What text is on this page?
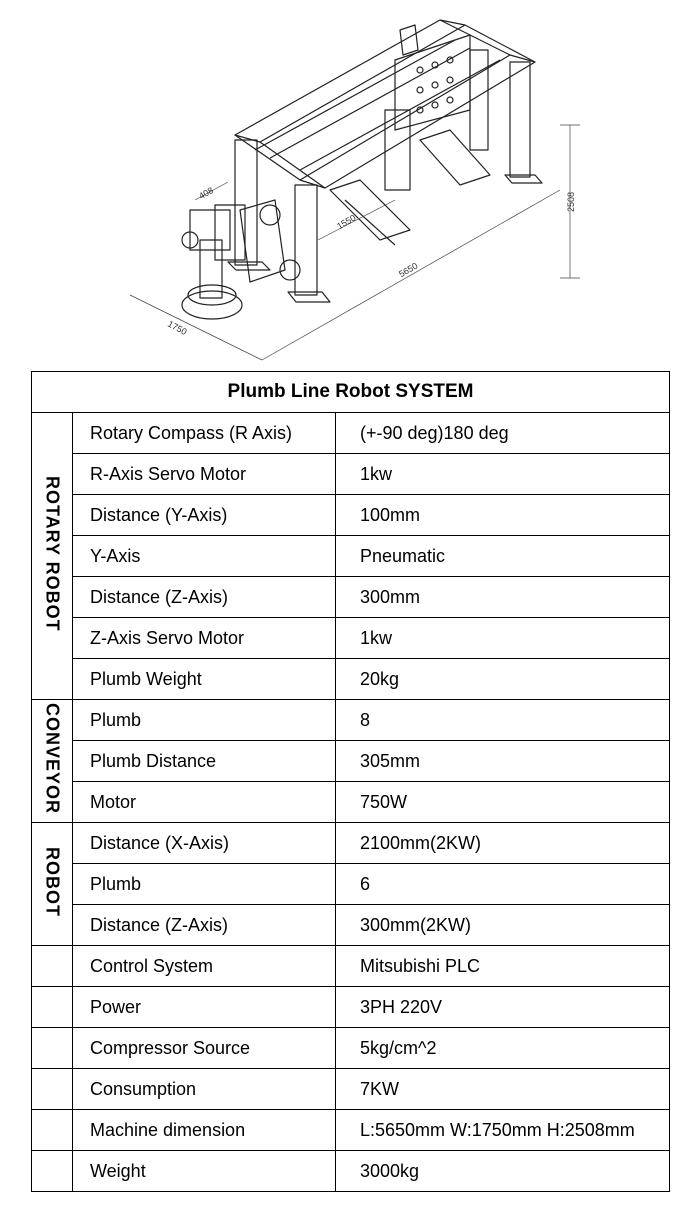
408
1550
5650
1750
2508
Plumb Line Robot SYSTEM		
ROTARY ROBOT	Rotary Compass (R Axis)	(+-90 deg)180 deg
	R-Axis Servo Motor	1kw
	Distance (Y-Axis)	100mm
	Y-Axis	Pneumatic
	Distance (Z-Axis)	300mm
	Z-Axis Servo Motor	1kw
	Plumb Weight	20kg
CONVEYOR	Plumb	8
	Plumb Distance	305mm
	Motor	750W
ROBOT	Distance (X-Axis)	2100mm(2KW)
	Plumb	6
	Distance (Z-Axis)	300mm(2KW)
	Control System	Mitsubishi PLC
	Power	3PH 220V
	Compressor Source	5kg/cm^2
	Consumption	7KW
	Machine dimension	L:5650mm W:1750mm H:2508mm
	Weight	3000kg
